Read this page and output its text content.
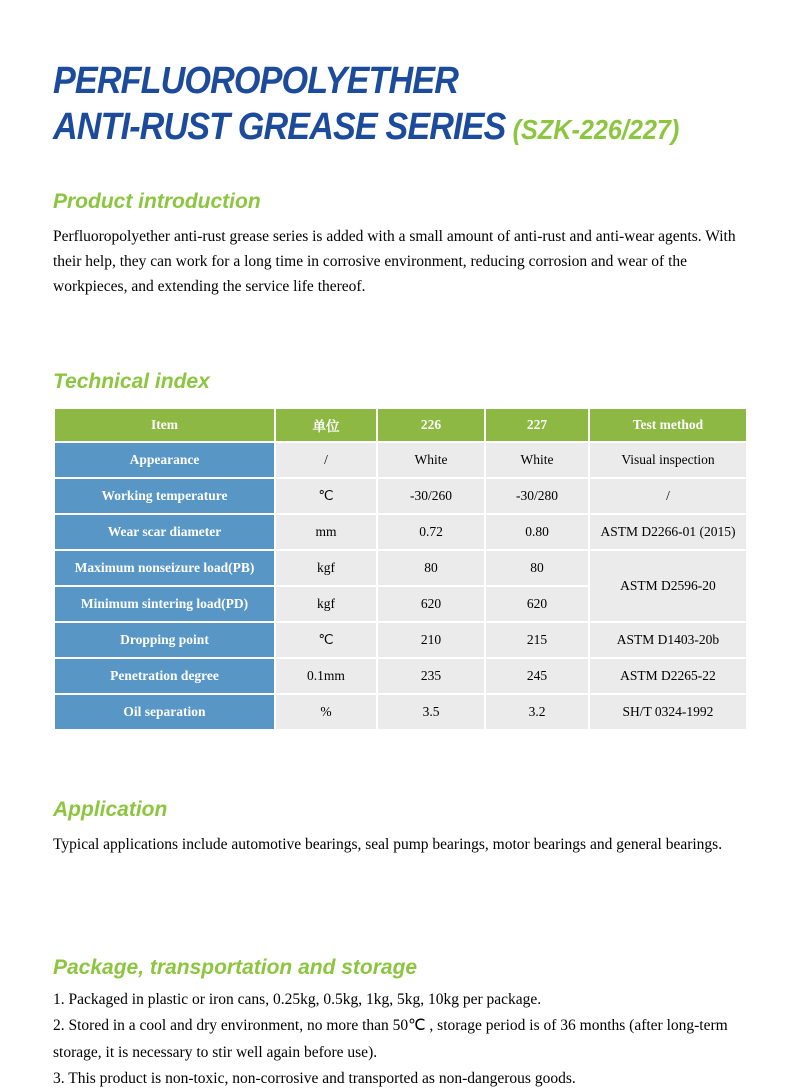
PERFLUOROPOLYETHER
ANTI-RUST GREASE SERIES (SZK-226/227)
Product introduction

Perfluoropolyether anti-rust grease series is added with a small amount of anti-rust and anti-wear agents. With their help, they can work for a long time in corrosive environment, reducing corrosion and wear of the workpieces, and extending the service life thereof.

Technical index
Item	单位	226	227	Test method
Appearance	/	White	White	Visual inspection
Working temperature	℃	-30/260	-30/280	/
Wear scar diameter	mm	0.72	0.80	ASTM D2266-01 (2015)
Maximum nonseizure load(PB)	kgf	80	80	ASTM D2596-20
Minimum sintering load(PD)	kgf	620	620	
Dropping point	℃	210	215	ASTM D1403-20b
Penetration degree	0.1mm	235	245	ASTM D2265-22
Oil separation	%	3.5	3.2	SH/T 0324-1992
Application

Typical applications include automotive bearings, seal pump bearings, motor bearings and general bearings.

Package, transportation and storage

1. Packaged in plastic or iron cans, 0.25kg, 0.5kg, 1kg, 5kg, 10kg per package.

2. Stored in a cool and dry environment, no more than 50℃ , storage period is of 36 months (after long-term storage, it is necessary to stir well again before use).

3. This product is non-toxic, non-corrosive and transported as non-dangerous goods.
